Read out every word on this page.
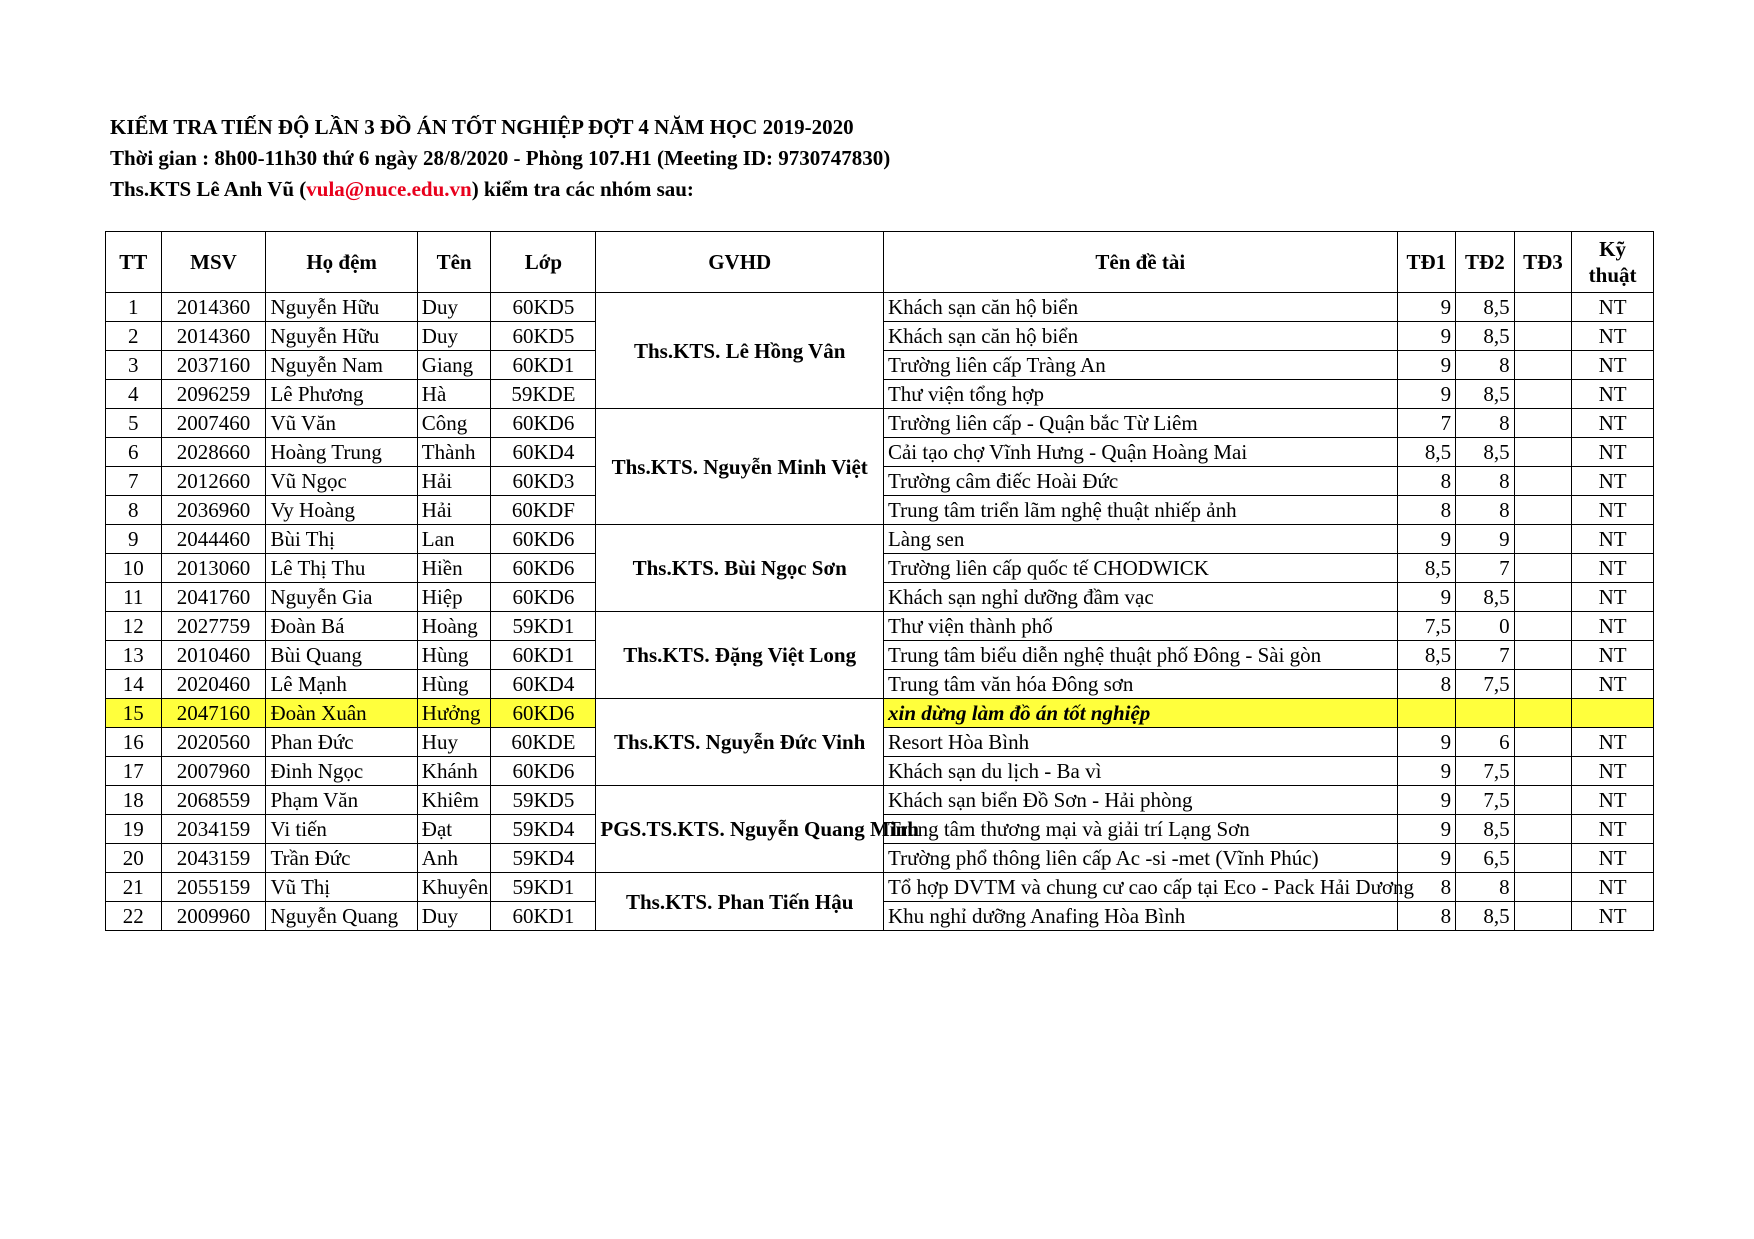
KIỂM TRA TIẾN ĐỘ LẦN 3 ĐỒ ÁN TỐT NGHIỆP ĐỢT 4 NĂM HỌC 2019-2020
Thời gian : 8h00-11h30 thứ 6 ngày 28/8/2020 - Phòng 107.H1 (Meeting ID: 9730747830)
Ths.KTS Lê Anh Vũ (vula@nuce.edu.vn) kiểm tra các nhóm sau:
TT	MSV	Họ đệm	Tên	Lớp	GVHD	Tên đề tài	TĐ1	TĐ2	TĐ3	Kỹ thuật
1	2014360	Nguyễn Hữu	Duy	60KD5	Ths.KTS. Lê Hồng Vân	Khách sạn căn hộ biển	9	8,5		NT
2	2014360	Nguyễn Hữu	Duy	60KD5		Khách sạn căn hộ biển	9	8,5		NT
3	2037160	Nguyễn Nam	Giang	60KD1		Trường liên cấp Tràng An	9	8		NT
4	2096259	Lê Phương	Hà	59KDE		Thư viện tổng hợp	9	8,5		NT
5	2007460	Vũ Văn	Công	60KD6	Ths.KTS. Nguyễn Minh Việt	Trường liên cấp - Quận bắc Từ Liêm	7	8		NT
6	2028660	Hoàng Trung	Thành	60KD4		Cải tạo chợ Vĩnh Hưng - Quận Hoàng Mai	8,5	8,5		NT
7	2012660	Vũ Ngọc	Hải	60KD3		Trường câm điếc Hoài Đức	8	8		NT
8	2036960	Vy Hoàng	Hải	60KDF		Trung tâm triển lãm nghệ thuật nhiếp ảnh	8	8		NT
9	2044460	Bùi Thị	Lan	60KD6	Ths.KTS. Bùi Ngọc Sơn	Làng sen	9	9		NT
10	2013060	Lê Thị Thu	Hiền	60KD6		Trường liên cấp quốc tế CHODWICK	8,5	7		NT
11	2041760	Nguyễn Gia	Hiệp	60KD6		Khách sạn nghỉ dưỡng đầm vạc	9	8,5		NT
12	2027759	Đoàn Bá	Hoàng	59KD1	Ths.KTS. Đặng Việt Long	Thư viện thành phố	7,5	0		NT
13	2010460	Bùi Quang	Hùng	60KD1		Trung tâm biểu diễn nghệ thuật phố Đông - Sài gòn	8,5	7		NT
14	2020460	Lê Mạnh	Hùng	60KD4		Trung tâm văn hóa Đông sơn	8	7,5		NT
15	2047160	Đoàn Xuân	Hưởng	60KD6	Ths.KTS. Nguyễn Đức Vinh	xin dừng làm đồ án tốt nghiệp				
16	2020560	Phan Đức	Huy	60KDE		Resort Hòa Bình	9	6		NT
17	2007960	Đinh Ngọc	Khánh	60KD6		Khách sạn du lịch - Ba vì	9	7,5		NT
18	2068559	Phạm Văn	Khiêm	59KD5	PGS.TS.KTS. Nguyễn Quang Minh	Khách sạn biển Đồ Sơn - Hải phòng	9	7,5		NT
19	2034159	Vi tiến	Đạt	59KD4		Trung tâm thương mại và giải trí Lạng Sơn	9	8,5		NT
20	2043159	Trần Đức	Anh	59KD4		Trường phổ thông liên cấp Ac -si -met (Vĩnh Phúc)	9	6,5		NT
21	2055159	Vũ Thị	Khuyên	59KD1	Ths.KTS. Phan Tiến Hậu	Tổ hợp DVTM và chung cư cao cấp tại Eco - Pack Hải Dương	8	8		NT
22	2009960	Nguyễn Quang	Duy	60KD1		Khu nghỉ dưỡng Anafing Hòa Bình	8	8,5		NT
